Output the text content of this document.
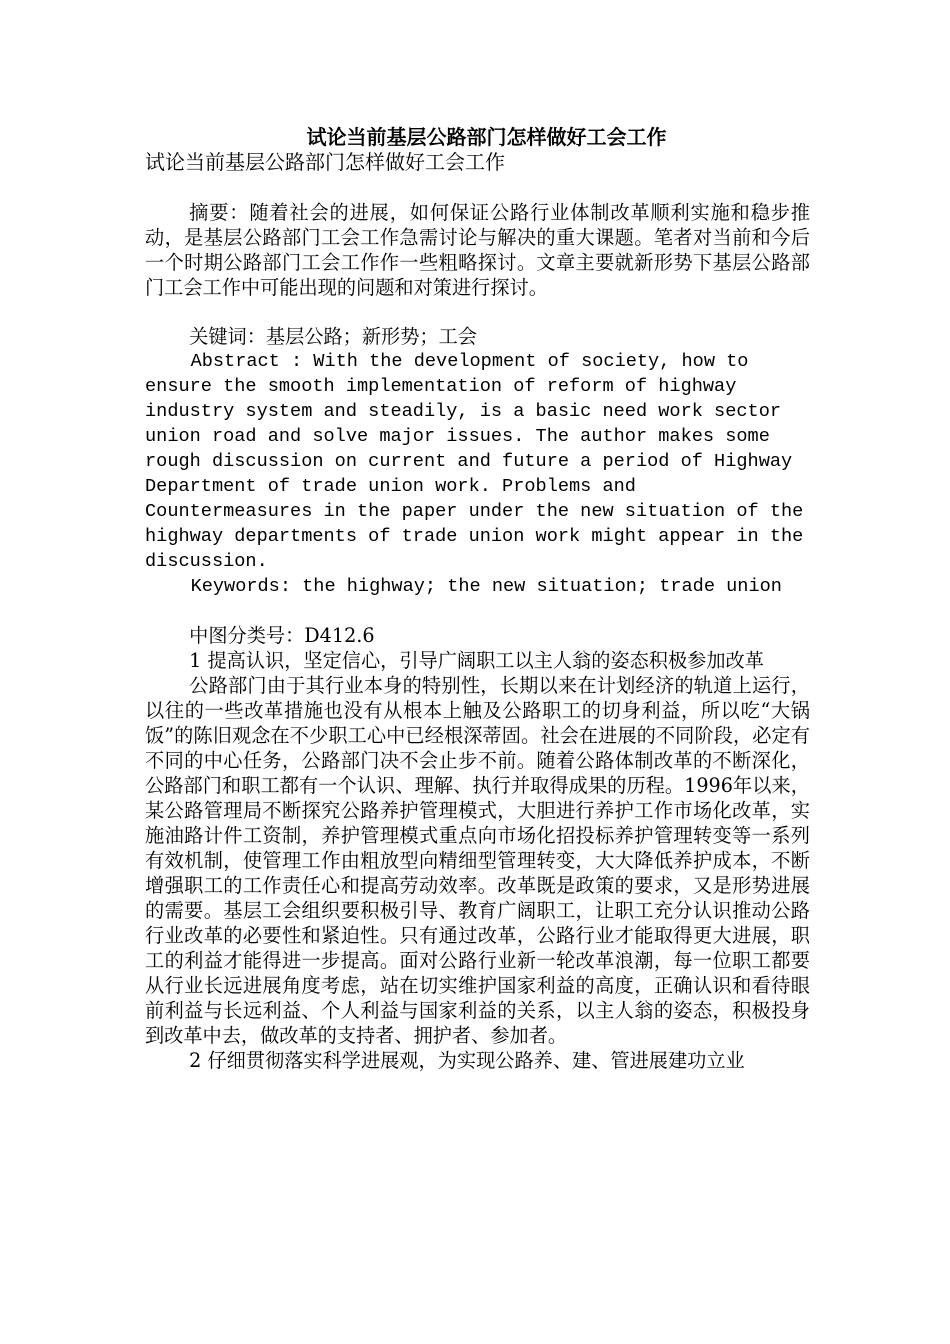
试论当前基层公路部门怎样做好工会工作

试论当前基层公路部门怎样做好工会工作

摘要：随着社会的进展，如何保证公路行业体制改革顺利实施和稳步推动，是基层公路部门工会工作急需讨论与解决的重大课题。笔者对当前和今后一个时期公路部门工会工作作一些粗略探讨。文章主要就新形势下基层公路部门工会工作中可能出现的问题和对策进行探讨。

关键词：基层公路；新形势；工会

Abstract : With the development of society, how to ensure the smooth implementation of reform of highway industry system and steadily, is a basic need work sector union road and solve major issues. The author makes some rough discussion on current and future a period of Highway Department of trade union work. Problems and Countermeasures in the paper under the new situation of the highway departments of trade union work might appear in the discussion.

Keywords: the highway; the new situation; trade union

中图分类号：D412.6

1 提高认识，坚定信心，引导广阔职工以主人翁的姿态积极参加改革

公路部门由于其行业本身的特别性，长期以来在计划经济的轨道上运行，以往的一些改革措施也没有从根本上触及公路职工的切身利益，所以吃“大锅饭”的陈旧观念在不少职工心中已经根深蒂固。社会在进展的不同阶段，必定有不同的中心任务，公路部门决不会止步不前。随着公路体制改革的不断深化，公路部门和职工都有一个认识、理解、执行并取得成果的历程。1996年以来，某公路管理局不断探究公路养护管理模式，大胆进行养护工作市场化改革，实施油路计件工资制，养护管理模式重点向市场化招投标养护管理转变等一系列有效机制，使管理工作由粗放型向精细型管理转变，大大降低养护成本，不断增强职工的工作责任心和提高劳动效率。改革既是政策的要求，又是形势进展的需要。基层工会组织要积极引导、教育广阔职工，让职工充分认识推动公路行业改革的必要性和紧迫性。只有通过改革，公路行业才能取得更大进展，职工的利益才能得进一步提高。面对公路行业新一轮改革浪潮，每一位职工都要从行业长远进展角度考虑，站在切实维护国家利益的高度，正确认识和看待眼前利益与长远利益、个人利益与国家利益的关系，以主人翁的姿态，积极投身到改革中去，做改革的支持者、拥护者、参加者。

2 仔细贯彻落实科学进展观，为实现公路养、建、管进展建功立业
